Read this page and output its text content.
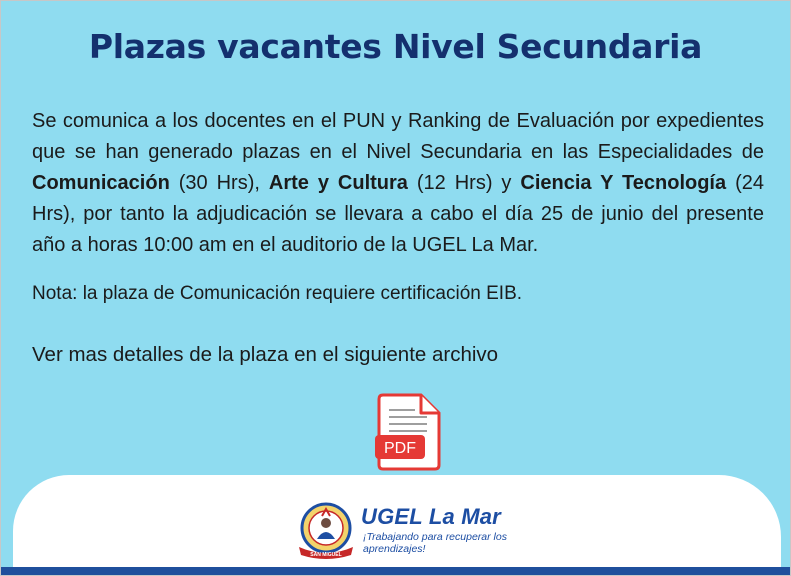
Plazas vacantes Nivel Secundaria
Se comunica a los docentes en el PUN y Ranking de Evaluación por expedientes que se han generado plazas en el Nivel Secundaria en las Especialidades de Comunicación (30 Hrs), Arte y Cultura (12 Hrs) y Ciencia Y Tecnología (24 Hrs), por tanto la adjudicación se llevara a cabo el día 25 de junio del presente año a horas 10:00 am en el auditorio de la UGEL La Mar.
Nota: la plaza de Comunicación requiere certificación EIB.
Ver mas detalles de la plaza en el siguiente archivo
PDF
SAN MIGUEL
UGEL La Mar
¡Trabajando para recuperar los aprendizajes!
